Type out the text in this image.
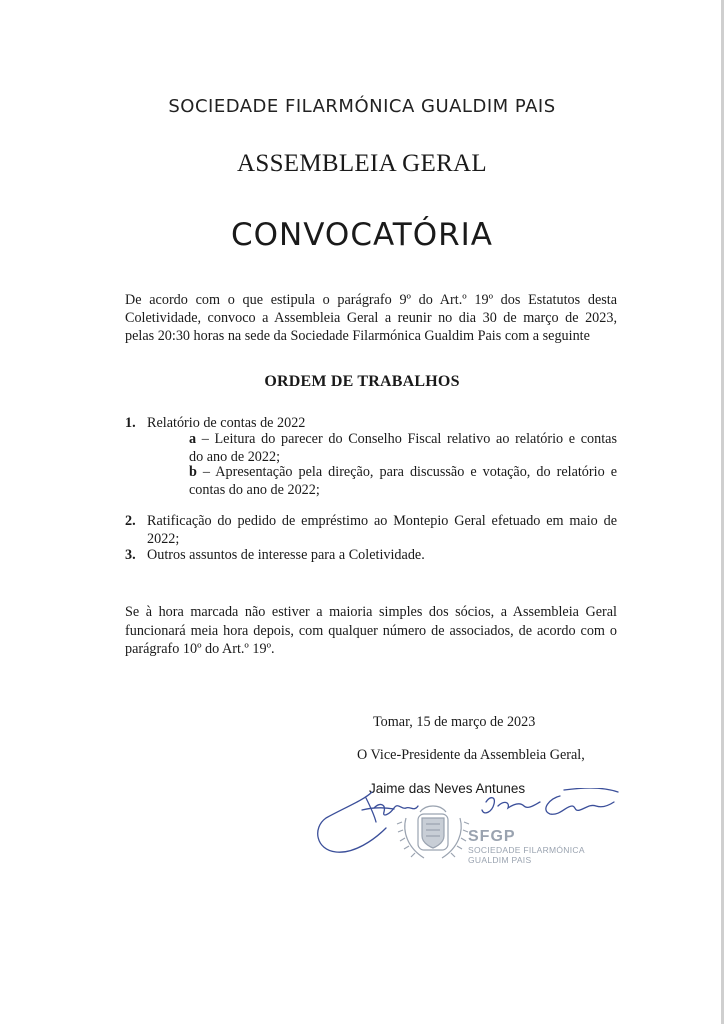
SOCIEDADE FILARMÓNICA GUALDIM PAIS
ASSEMBLEIA GERAL
CONVOCATÓRIA
De acordo com o que estipula o parágrafo 9º do Art.º 19º dos Estatutos desta
Coletividade, convoco a Assembleia Geral a reunir no dia 30 de março de 2023,
pelas 20:30 horas na sede da Sociedade Filarmónica Gualdim Pais com a seguinte
ORDEM DE TRABALHOS
1. Relatório de contas de 2022
a – Leitura do parecer do Conselho Fiscal relativo ao relatório e contas
do ano de 2022;
b – Apresentação pela direção, para discussão e votação, do relatório e
contas do ano de 2022;
2. Ratificação do pedido de empréstimo ao Montepio Geral efetuado em maio de
2022;
3. Outros assuntos de interesse para a Coletividade.
Se à hora marcada não estiver a maioria simples dos sócios, a Assembleia Geral
funcionará meia hora depois, com qualquer número de associados, de acordo com o
parágrafo 10º do Art.º 19º.
Tomar, 15 de março de 2023
O Vice-Presidente da Assembleia Geral,
Jaime das Neves Antunes
SFGP
SOCIEDADE FILARMÓNICA
GUALDIM PAIS
